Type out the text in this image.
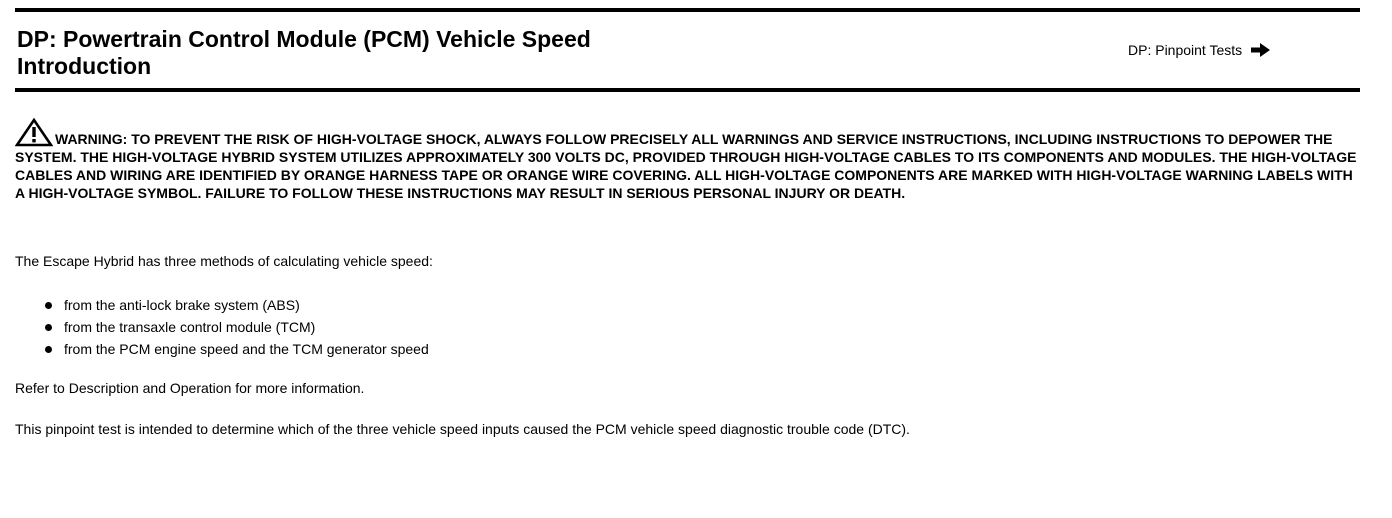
DP: Powertrain Control Module (PCM) Vehicle Speed
Introduction
DP: Pinpoint Tests
WARNING: TO PREVENT THE RISK OF HIGH-VOLTAGE SHOCK, ALWAYS FOLLOW PRECISELY ALL WARNINGS AND SERVICE INSTRUCTIONS, INCLUDING INSTRUCTIONS TO DEPOWER THE SYSTEM. THE HIGH-VOLTAGE HYBRID SYSTEM UTILIZES APPROXIMATELY 300 VOLTS DC, PROVIDED THROUGH HIGH-VOLTAGE CABLES TO ITS COMPONENTS AND MODULES. THE HIGH-VOLTAGE CABLES AND WIRING ARE IDENTIFIED BY ORANGE HARNESS TAPE OR ORANGE WIRE COVERING. ALL HIGH-VOLTAGE COMPONENTS ARE MARKED WITH HIGH-VOLTAGE WARNING LABELS WITH A HIGH-VOLTAGE SYMBOL. FAILURE TO FOLLOW THESE INSTRUCTIONS MAY RESULT IN SERIOUS PERSONAL INJURY OR DEATH.

The Escape Hybrid has three methods of calculating vehicle speed:

from the anti-lock brake system (ABS)
from the transaxle control module (TCM)
from the PCM engine speed and the TCM generator speed

Refer to Description and Operation for more information.

This pinpoint test is intended to determine which of the three vehicle speed inputs caused the PCM vehicle speed diagnostic trouble code (DTC).
